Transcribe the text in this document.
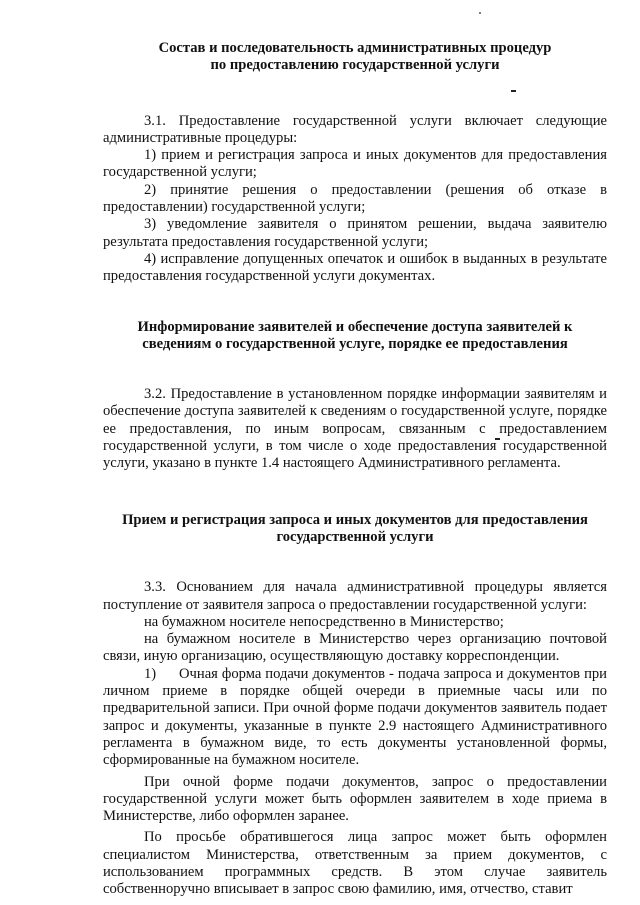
Состав и последовательность административных процедур

по предоставлению государственной услуги

3.1. Предоставление государственной услуги включает следующие административные процедуры:

1) прием и регистрация запроса и иных документов для предоставления государственной услуги;

2) принятие решения о предоставлении (решения об отказе в предоставлении) государственной услуги;

3) уведомление заявителя о принятом решении, выдача заявителю результата предоставления государственной услуги;

4) исправление допущенных опечаток и ошибок в выданных в результате предоставления государственной услуги документах.

Информирование заявителей и обеспечение доступа заявителей к

сведениям о государственной услуге, порядке ее предоставления

3.2. Предоставление в установленном порядке информации заявителям и обеспечение доступа заявителей к сведениям о государственной услуге, порядке ее предоставления, по иным вопросам, связанным с предоставлением государственной услуги, в том числе о ходе предоставления государственной услуги, указано в пункте 1.4 настоящего Административного регламента.

Прием и регистрация запроса и иных документов для предоставления

государственной услуги

3.3. Основанием для начала административной процедуры является поступление от заявителя запроса о предоставлении государственной услуги:

на бумажном носителе непосредственно в Министерство;

на бумажном носителе в Министерство через организацию почтовой связи, иную организацию, осуществляющую доставку корреспонденции.

1) Очная форма подачи документов - подача запроса и документов при личном приеме в порядке общей очереди в приемные часы или по предварительной записи. При очной форме подачи документов заявитель подает запрос и документы, указанные в пункте 2.9 настоящего Административного регламента в бумажном виде, то есть документы установленной формы, сформированные на бумажном носителе.

При очной форме подачи документов, запрос о предоставлении государственной услуги может быть оформлен заявителем в ходе приема в Министерстве, либо оформлен заранее.

По просьбе обратившегося лица запрос может быть оформлен специалистом Министерства, ответственным за прием документов, с использованием программных средств. В этом случае заявитель собственноручно вписывает в запрос свою фамилию, имя, отчество, ставит
